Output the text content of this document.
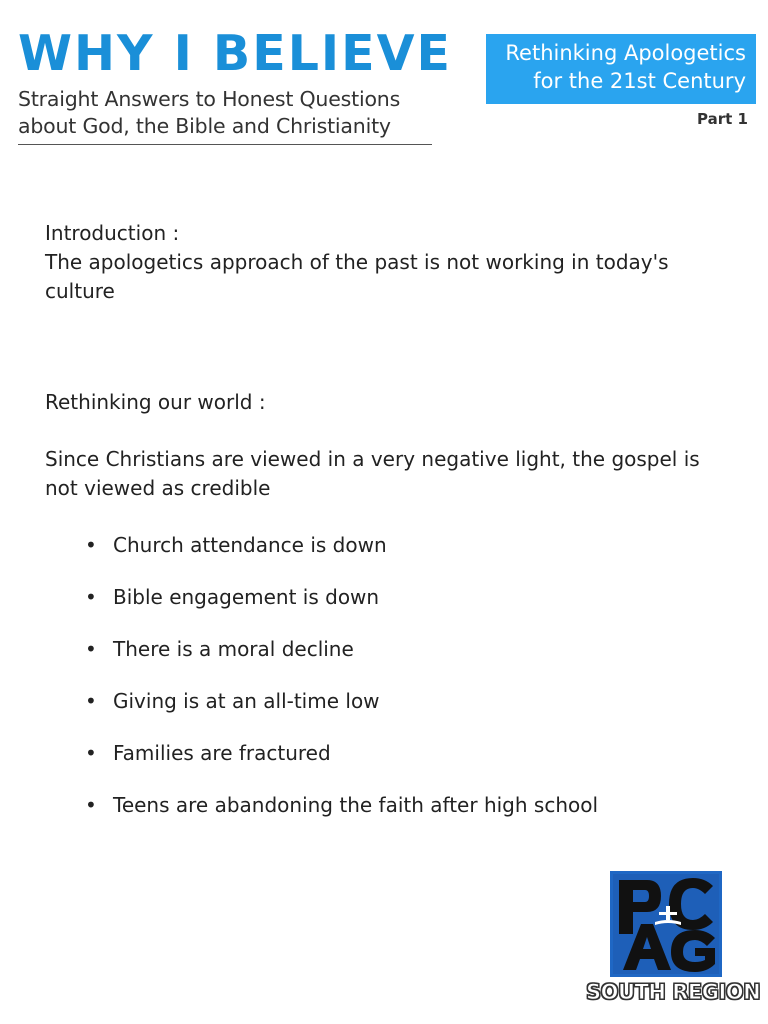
WHY I BELIEVE
Straight Answers to Honest Questions
about God, the Bible and Christianity
Rethinking Apologetics
for the 21st Century
Part 1
Introduction :
The apologetics approach of the past is not working in today's culture
Rethinking our world :
Since Christians are viewed in a very negative light, the gospel is not viewed as credible
• Church attendance is down
• Bible engagement is down
• There is a moral decline
• Giving is at an all-time low
• Families are fractured
• Teens are abandoning the faith after high school
SOUTH REGION
